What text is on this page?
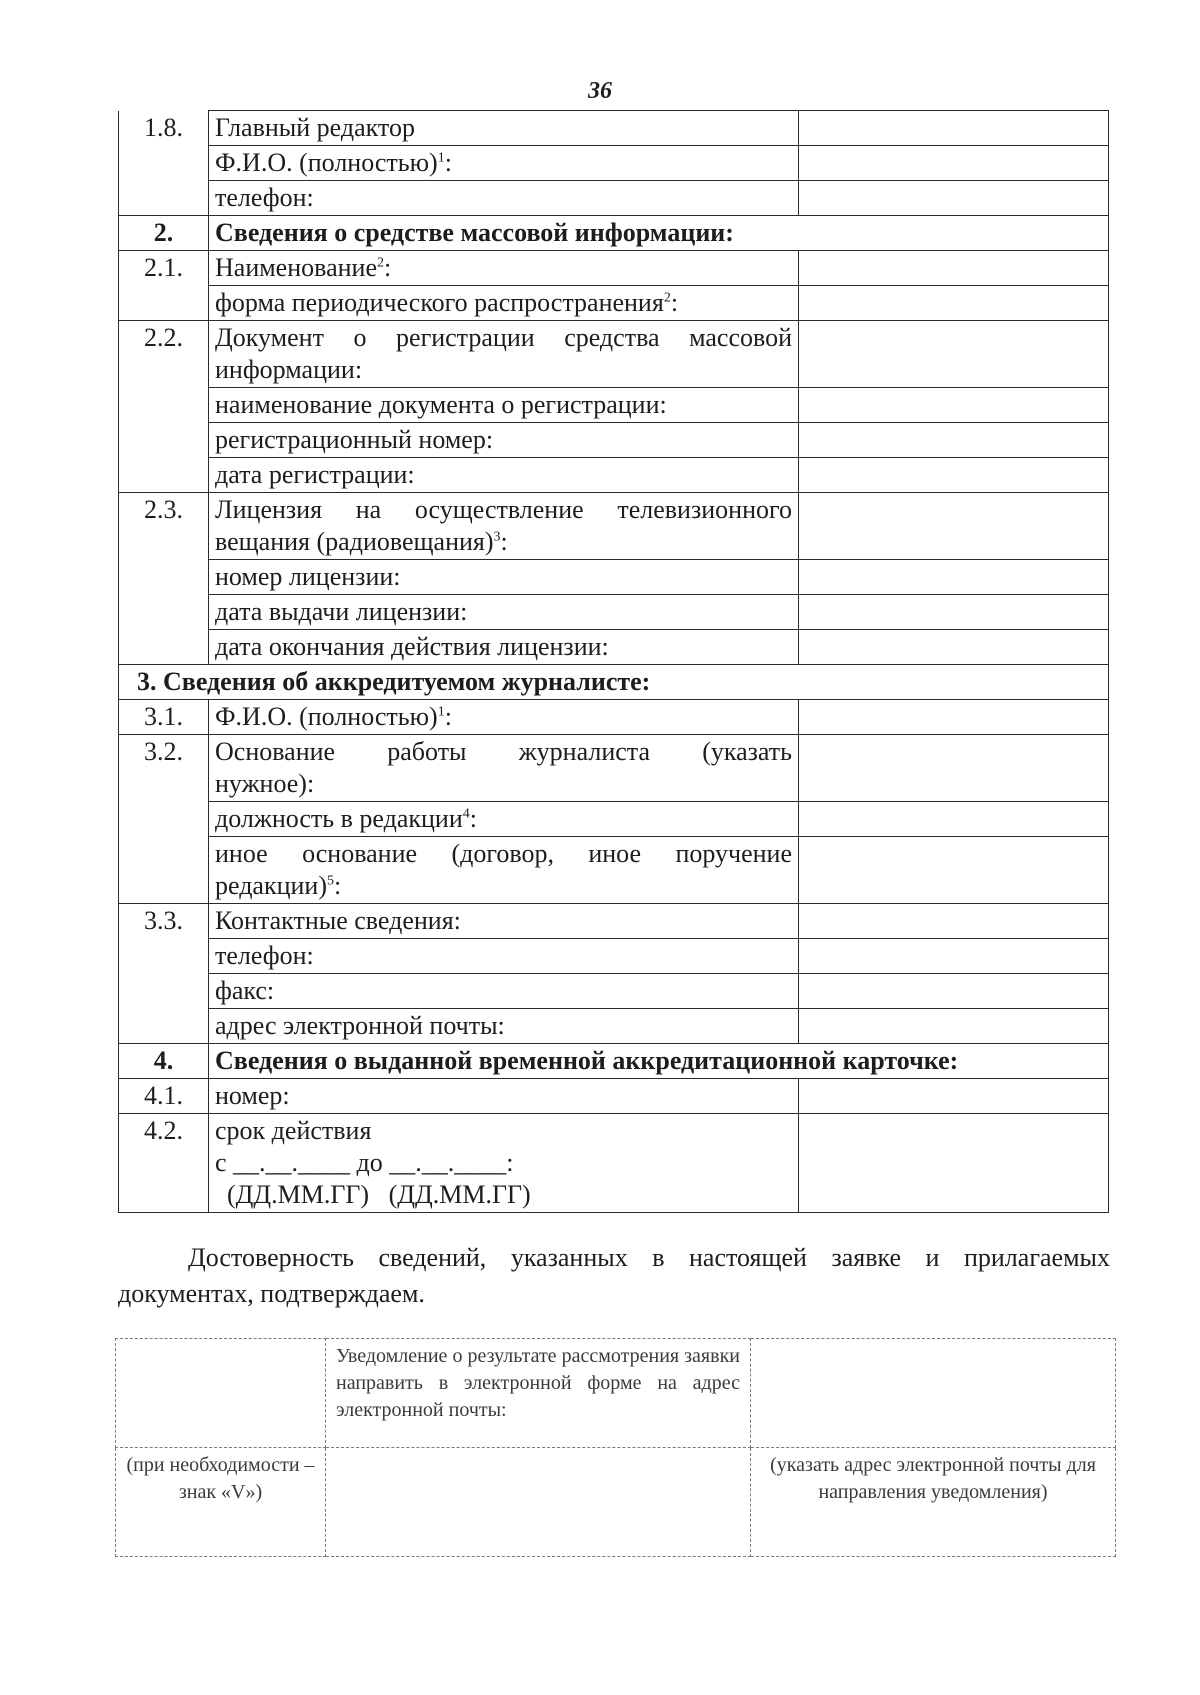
36
1.8.	Главный редактор	
	Ф.И.О. (полностью)$^1$:	
	телефон:	
2.	Сведения о средстве массовой информации:	
2.1.	Наименование$^2$:	
	форма периодического распространения$^2$:	
2.2.	Документ о регистрации средства массовой
информации:	

	наименование документа о регистрации:	
	регистрационный номер:	
	дата регистрации:	
2.3.	Лицензия на осуществление телевизионного
вещания (радиовещания)$^3$:	
	номер лицензии:	
	дата выдачи лицензии:	
	дата окончания действия лицензии:	
3. Сведения об аккредитуемом журналисте:		
3.1.	Ф.И.О. (полностью)$^1$:	
3.2.	Основание работы журналиста (указать
нужное):	
	должность в редакции$^4$:	

	иное основание (договор, иное поручение
редакции)$^5$:	
3.3.	Контактные сведения:	
	телефон:	
	факс:	
	адрес электронной почты:	
4.	Сведения о выданной временной аккредитационной карточке:	
4.1.	номер:	
4.2.	срок действия
с __.__.____ до __.__.____:
(ДД.ММ.ГГ)   (ДД.ММ.ГГ)	

Достоверность сведений, указанных в настоящей заявке и прилагаемых документах, подтверждаем.
	Уведомление о результате рассмотрения заявки направить в электронной форме на адрес электронной почты:	
(при необходимости – знак «V»)		(указать адрес электронной почты для направления уведомления)
